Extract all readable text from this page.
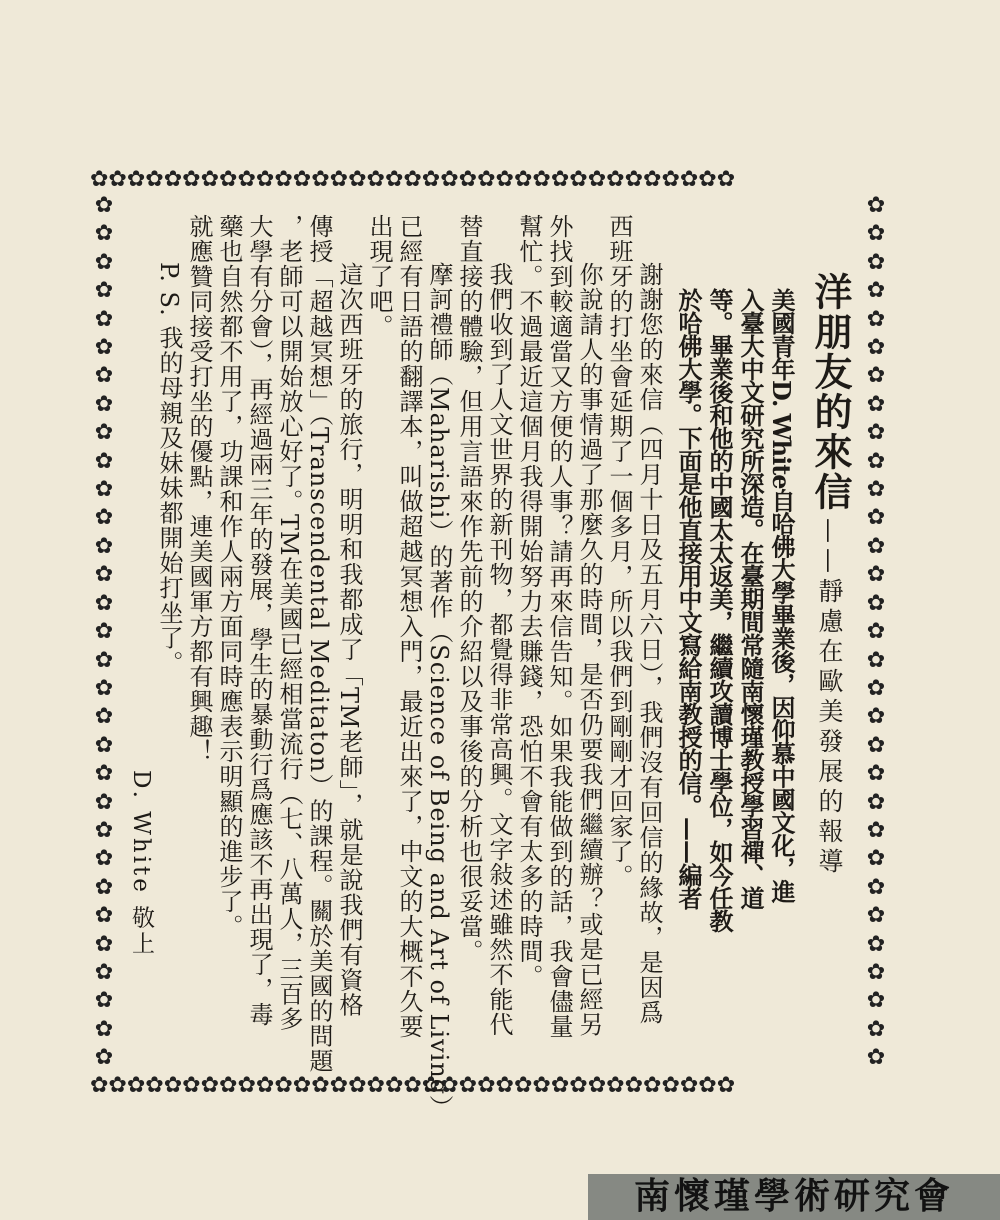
✿✿✿✿✿✿✿✿✿✿✿✿✿✿✿✿✿✿✿✿✿✿✿✿✿✿✿✿✿✿✿✿✿✿✿
✿✿✿✿✿✿✿✿✿✿✿✿✿✿✿✿✿✿✿✿✿✿✿✿✿✿✿✿✿✿✿✿✿✿✿
✿
✿
✿
✿
✿
✿
✿
✿
✿
✿
✿
✿
✿
✿
✿
✿
✿
✿
✿
✿
✿
✿
✿
✿
✿
✿
✿
✿
✿
✿
✿
✿
✿
✿
✿
✿
✿
✿
✿
✿
✿
✿
✿
✿
✿
✿
✿
✿
✿
✿
✿
✿
✿
✿
✿
✿
✿
✿
✿
✿
✿
✿
洋朋友的來信
——靜慮在歐美發展的報導
美國青年D. White自哈佛大學畢業後，因仰慕中國文化，進
入臺大中文研究所深造。在臺期間常隨南懷瑾教授學習禪、道
等。畢業後和他的中國太太返美，繼續攻讀博士學位，如今任教
於哈佛大學。下面是他直接用中文寫給南教授的信。——編者
謝謝您的來信（四月十日及五月六日），我們沒有回信的緣故，是因爲
西班牙的打坐會延期了一個多月，所以我們到剛剛才回家了。
你說請人的事情過了那麼久的時間，是否仍要我們繼續辦？或是已經另
外找到較適當又方便的人事？請再來信告知。如果我能做到的話，我會儘量
幫忙。不過最近這個月我得開始努力去賺錢，恐怕不會有太多的時間。
我們收到了人文世界的新刊物，都覺得非常高興。文字敍述雖然不能代
替直接的體驗，但用言語來作先前的介紹以及事後的分析也很妥當。
摩訶禮師（Maharishi）的著作（Science of Being and Art of Living）
已經有日語的翻譯本，叫做超越冥想入門，最近出來了，中文的大概不久要
出現了吧。
這次西班牙的旅行，明明和我都成了「TM老師」，就是說我們有資格
傳授「超越冥想」（Transcendental Meditaton）的課程。關於美國的問題
，老師可以開始放心好了。TM在美國已經相當流行（七、八萬人，三百多
大學有分會），再經過兩三年的發展，學生的暴動行爲應該不再出現了，毒
藥也自然都不用了，功課和作人兩方面同時應表示明顯的進步了。
就應贊同接受打坐的優點，連美國軍方都有興趣！
P. S. 我的母親及妹妹都開始打坐了。
D. White 敬上
南懷瑾學術研究會
